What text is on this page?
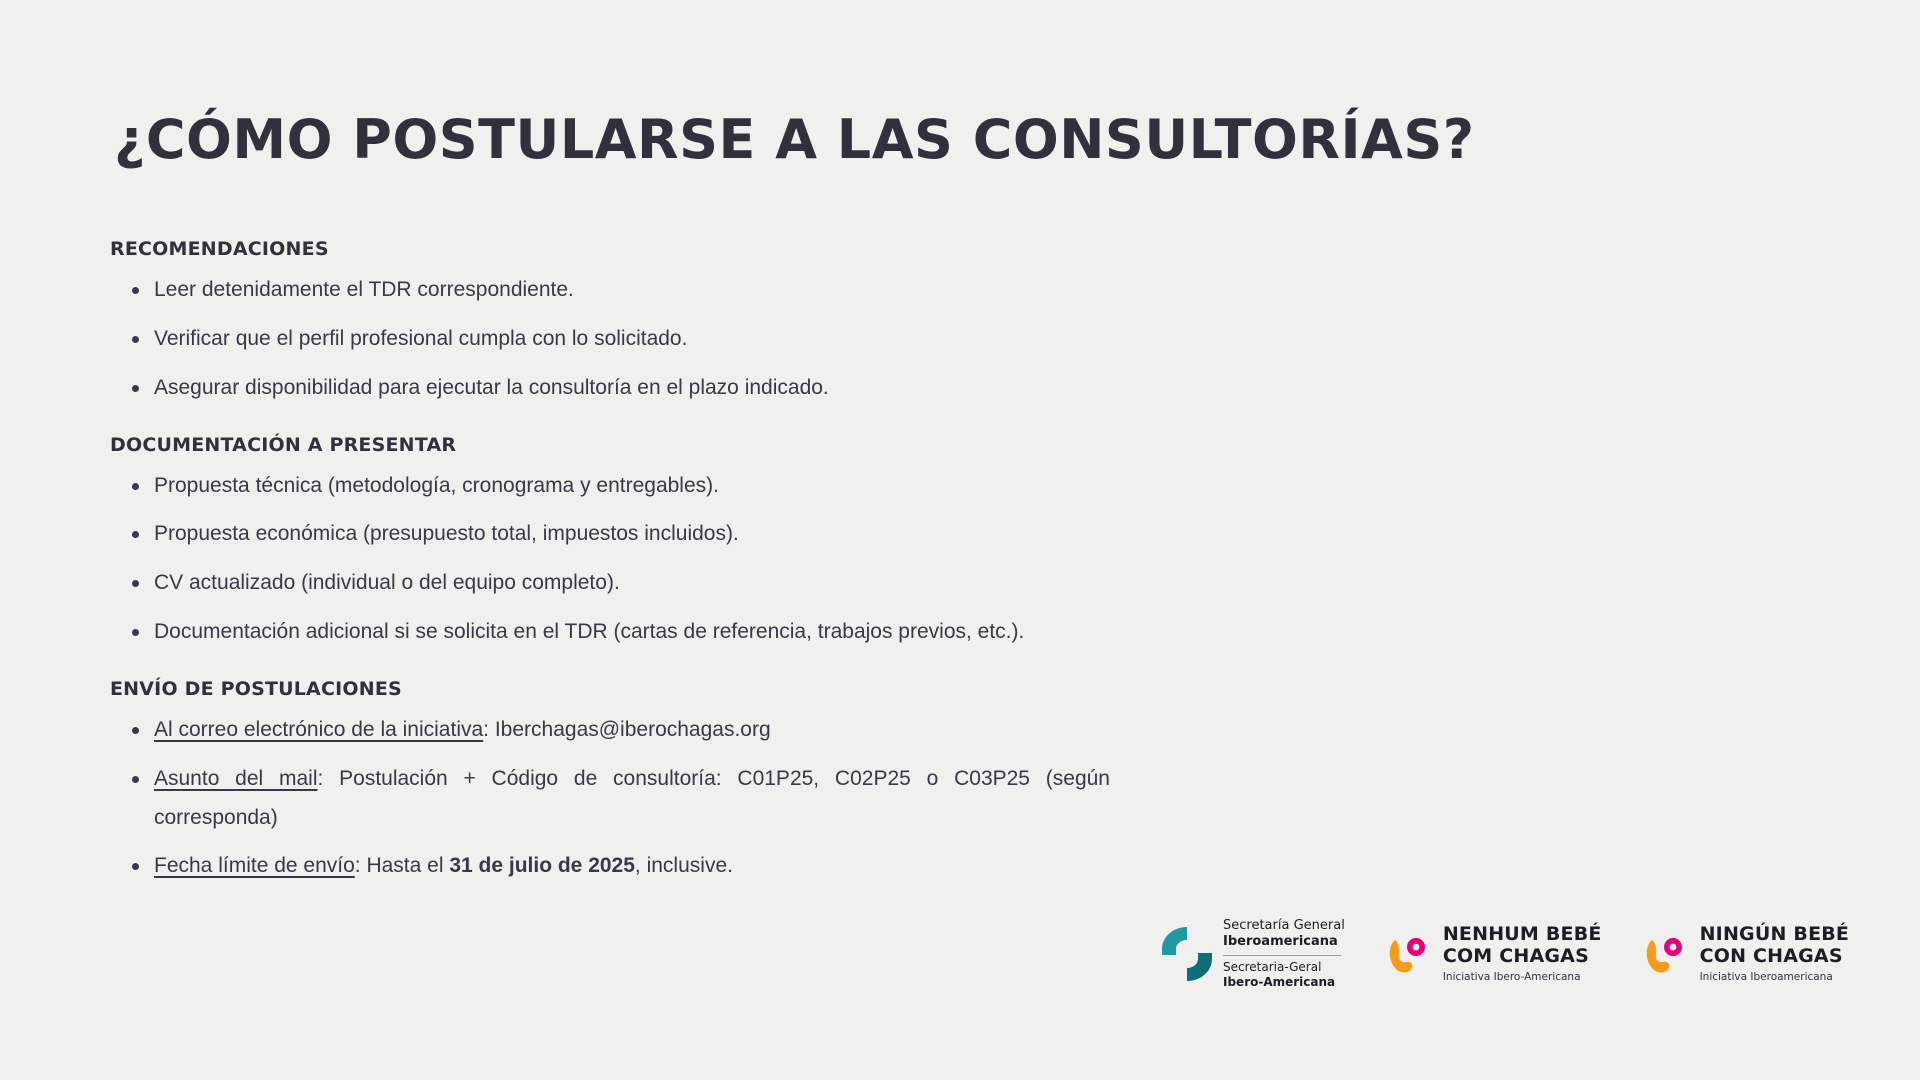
¿CÓMO POSTULARSE A LAS CONSULTORÍAS?
RECOMENDACIONES
Leer detenidamente el TDR correspondiente.
Verificar que el perfil profesional cumpla con lo solicitado.
Asegurar disponibilidad para ejecutar la consultoría en el plazo indicado.
DOCUMENTACIÓN A PRESENTAR
Propuesta técnica (metodología, cronograma y entregables).
Propuesta económica (presupuesto total, impuestos incluidos).
CV actualizado (individual o del equipo completo).
Documentación adicional si se solicita en el TDR (cartas de referencia, trabajos previos, etc.).
ENVÍO DE POSTULACIONES
Al correo electrónico de la iniciativa: Iberchagas@iberochagas.org
Asunto del mail: Postulación + Código de consultoría: C01P25, C02P25 o C03P25 (según corresponda)
Fecha límite de envío: Hasta el 31 de julio de 2025, inclusive.
Secretaría General
Iberoamericana
Secretaria-Geral
Ibero-Americana
NENHUM BEBÉ
COM CHAGAS
Iniciativa Ibero-Americana
NINGÚN BEBÉ
CON CHAGAS
Iniciativa Iberoamericana
